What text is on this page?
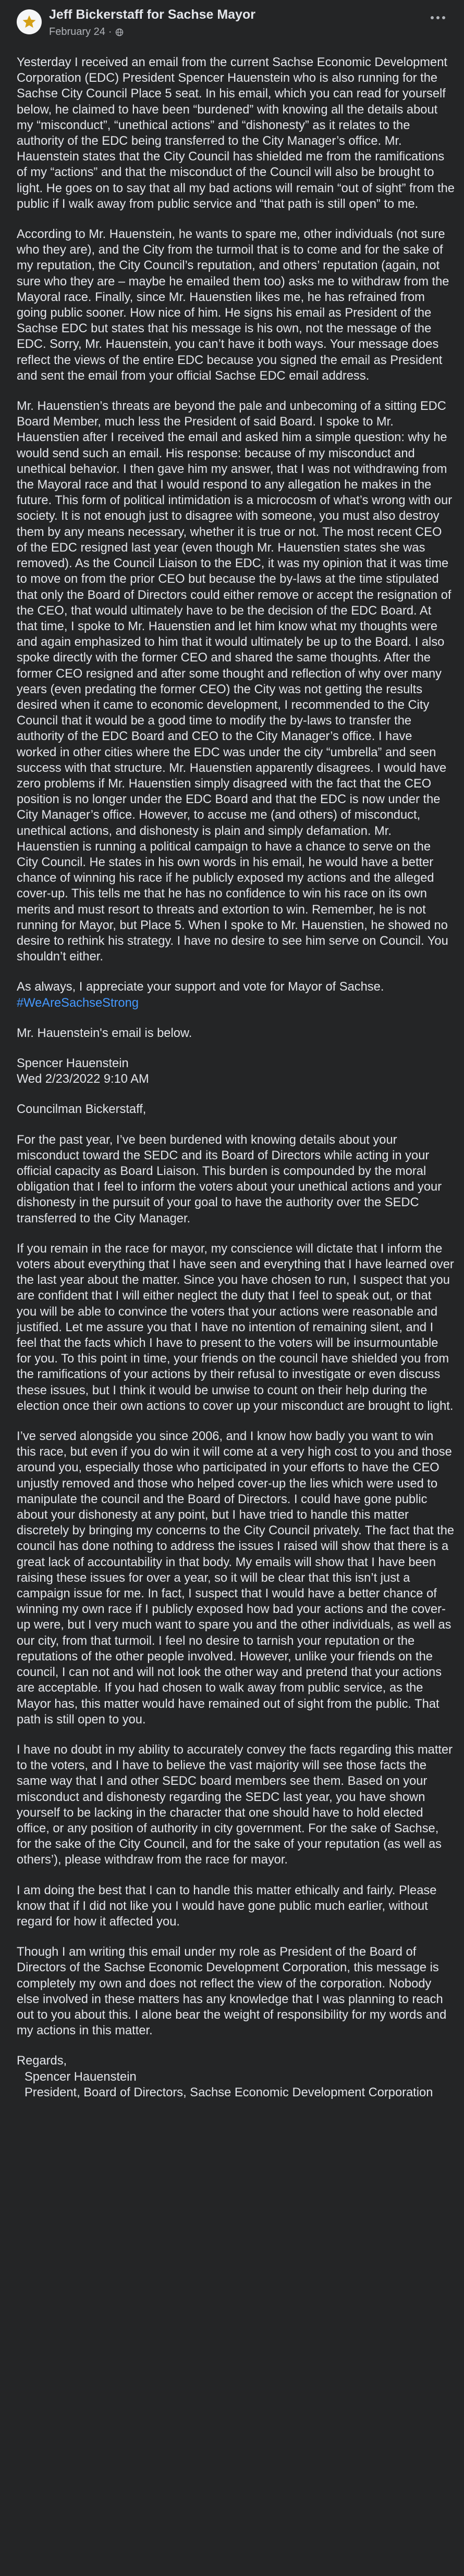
Jeff Bickerstaff for Sachse Mayor
February 24 ·

Yesterday I received an email from the current Sachse Economic Development Corporation (EDC) President Spencer Hauenstein who is also running for the Sachse City Council Place 5 seat. In his email, which you can read for yourself below, he claimed to have been “burdened” with knowing all the details about my “misconduct”, “unethical actions” and “dishonesty” as it relates to the authority of the EDC being transferred to the City Manager’s office. Mr. Hauenstein states that the City Council has shielded me from the ramifications of my “actions” and that the misconduct of the Council will also be brought to light. He goes on to say that all my bad actions will remain “out of sight” from the public if I walk away from public service and “that path is still open” to me.

According to Mr. Hauenstein, he wants to spare me, other individuals (not sure who they are), and the City from the turmoil that is to come and for the sake of my reputation, the City Council’s reputation, and others’ reputation (again, not sure who they are – maybe he emailed them too) asks me to withdraw from the Mayoral race. Finally, since Mr. Hauenstien likes me, he has refrained from going public sooner. How nice of him. He signs his email as President of the Sachse EDC but states that his message is his own, not the message of the EDC. Sorry, Mr. Hauenstein, you can’t have it both ways. Your message does reflect the views of the entire EDC because you signed the email as President and sent the email from your official Sachse EDC email address.

Mr. Hauenstien’s threats are beyond the pale and unbecoming of a sitting EDC Board Member, much less the President of said Board. I spoke to Mr. Hauenstien after I received the email and asked him a simple question: why he would send such an email. His response: because of my misconduct and unethical behavior. I then gave him my answer, that I was not withdrawing from the Mayoral race and that I would respond to any allegation he makes in the future. This form of political intimidation is a microcosm of what’s wrong with our society. It is not enough just to disagree with someone, you must also destroy them by any means necessary, whether it is true or not. The most recent CEO of the EDC resigned last year (even though Mr. Hauenstien states she was removed). As the Council Liaison to the EDC, it was my opinion that it was time to move on from the prior CEO but because the by-laws at the time stipulated that only the Board of Directors could either remove or accept the resignation of the CEO, that would ultimately have to be the decision of the EDC Board. At that time, I spoke to Mr. Hauenstien and let him know what my thoughts were and again emphasized to him that it would ultimately be up to the Board. I also spoke directly with the former CEO and shared the same thoughts. After the former CEO resigned and after some thought and reflection of why over many years (even predating the former CEO) the City was not getting the results desired when it came to economic development, I recommended to the City Council that it would be a good time to modify the by-laws to transfer the authority of the EDC Board and CEO to the City Manager’s office. I have worked in other cities where the EDC was under the city “umbrella” and seen success with that structure. Mr. Hauenstien apparently disagrees. I would have zero problems if Mr. Hauenstien simply disagreed with the fact that the CEO position is no longer under the EDC Board and that the EDC is now under the City Manager’s office. However, to accuse me (and others) of misconduct, unethical actions, and dishonesty is plain and simply defamation. Mr. Hauenstien is running a political campaign to have a chance to serve on the City Council. He states in his own words in his email, he would have a better chance of winning his race if he publicly exposed my actions and the alleged cover-up. This tells me that he has no confidence to win his race on its own merits and must resort to threats and extortion to win. Remember, he is not running for Mayor, but Place 5. When I spoke to Mr. Hauenstien, he showed no desire to rethink his strategy. I have no desire to see him serve on Council. You shouldn’t either.

As always, I appreciate your support and vote for Mayor of Sachse.
#WeAreSachseStrong

Mr. Hauenstein's email is below.

Spencer Hauenstein
Wed 2/23/2022 9:10 AM

Councilman Bickerstaff,

For the past year, I’ve been burdened with knowing details about your misconduct toward the SEDC and its Board of Directors while acting in your official capacity as Board Liaison. This burden is compounded by the moral obligation that I feel to inform the voters about your unethical actions and your dishonesty in the pursuit of your goal to have the authority over the SEDC transferred to the City Manager.

If you remain in the race for mayor, my conscience will dictate that I inform the voters about everything that I have seen and everything that I have learned over the last year about the matter. Since you have chosen to run, I suspect that you are confident that I will either neglect the duty that I feel to speak out, or that you will be able to convince the voters that your actions were reasonable and justified. Let me assure you that I have no intention of remaining silent, and I feel that the facts which I have to present to the voters will be insurmountable for you. To this point in time, your friends on the council have shielded you from the ramifications of your actions by their refusal to investigate or even discuss these issues, but I think it would be unwise to count on their help during the election once their own actions to cover up your misconduct are brought to light.

I’ve served alongside you since 2006, and I know how badly you want to win this race, but even if you do win it will come at a very high cost to you and those around you, especially those who participated in your efforts to have the CEO unjustly removed and those who helped cover-up the lies which were used to manipulate the council and the Board of Directors. I could have gone public about your dishonesty at any point, but I have tried to handle this matter discretely by bringing my concerns to the City Council privately. The fact that the council has done nothing to address the issues I raised will show that there is a great lack of accountability in that body. My emails will show that I have been raising these issues for over a year, so it will be clear that this isn’t just a campaign issue for me. In fact, I suspect that I would have a better chance of winning my own race if I publicly exposed how bad your actions and the cover-up were, but I very much want to spare you and the other individuals, as well as our city, from that turmoil. I feel no desire to tarnish your reputation or the reputations of the other people involved. However, unlike your friends on the council, I can not and will not look the other way and pretend that your actions are acceptable. If you had chosen to walk away from public service, as the Mayor has, this matter would have remained out of sight from the public. That path is still open to you.

I have no doubt in my ability to accurately convey the facts regarding this matter to the voters, and I have to believe the vast majority will see those facts the same way that I and other SEDC board members see them. Based on your misconduct and dishonesty regarding the SEDC last year, you have shown yourself to be lacking in the character that one should have to hold elected office, or any position of authority in city government. For the sake of Sachse, for the sake of the City Council, and for the sake of your reputation (as well as others’), please withdraw from the race for mayor.

I am doing the best that I can to handle this matter ethically and fairly. Please know that if I did not like you I would have gone public much earlier, without regard for how it affected you.

Though I am writing this email under my role as President of the Board of Directors of the Sachse Economic Development Corporation, this message is completely my own and does not reflect the view of the corporation. Nobody else involved in these matters has any knowledge that I was planning to reach out to you about this. I alone bear the weight of responsibility for my words and my actions in this matter.

Regards,
Spencer Hauenstein
President, Board of Directors, Sachse Economic Development Corporation
